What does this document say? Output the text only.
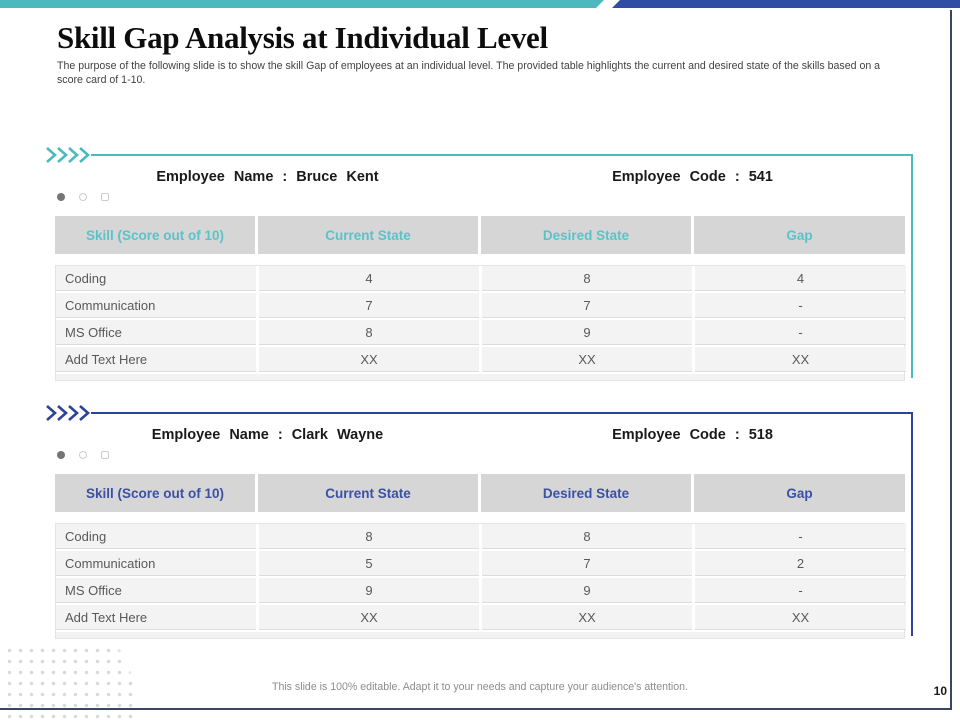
Skill Gap Analysis at Individual Level

The purpose of the following slide is to show the skill Gap of employees at an individual level. The provided table highlights the current and desired state of the skills based on a score card of 1-10.

Employee Name : Bruce Kent	Employee Code : 541
Skill (Score out of 10)	Current State	Desired State	Gap
Coding	4	8	4
Communication	7	7	-
MS Office	8	9	-
Add Text Here	XX	XX	XX
Employee Name : Clark Wayne	Employee Code : 518
Skill (Score out of 10)	Current State	Desired State	Gap
Coding	8	8	-
Communication	5	7	2
MS Office	9	9	-
Add Text Here	XX	XX	XX
This slide is 100% editable. Adapt it to your needs and capture your audience's attention.	10
